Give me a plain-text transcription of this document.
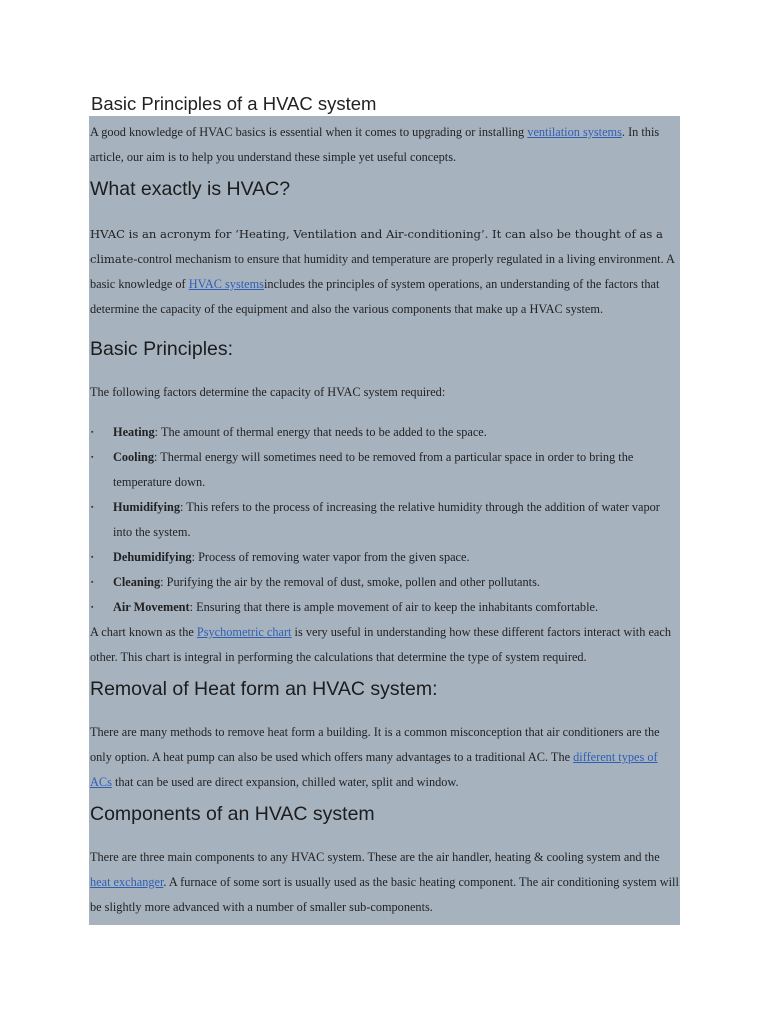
Basic Principles of a HVAC system

A good knowledge of HVAC basics is essential when it comes to upgrading or installing ventilation systems. In this article, our aim is to help you understand these simple yet useful concepts.

What exactly is HVAC?

HVAC is an acronym for ‘Heating, Ventilation and Air-conditioning’. It can also be thought of as a climate-control mechanism to ensure that humidity and temperature are properly regulated in a living environment. A basic knowledge of HVAC systemsincludes the principles of system operations, an understanding of the factors that determine the capacity of the equipment and also the various components that make up a HVAC system.

Basic Principles:

The following factors determine the capacity of HVAC system required:

▪ Heating: The amount of thermal energy that needs to be added to the space.
▪ Cooling: Thermal energy will sometimes need to be removed from a particular space in order to bring the temperature down.
▪ Humidifying: This refers to the process of increasing the relative humidity through the addition of water vapor into the system.
▪ Dehumidifying: Process of removing water vapor from the given space.
▪ Cleaning: Purifying the air by the removal of dust, smoke, pollen and other pollutants.
▪ Air Movement: Ensuring that there is ample movement of air to keep the inhabitants comfortable.

A chart known as the Psychometric chart is very useful in understanding how these different factors interact with each other. This chart is integral in performing the calculations that determine the type of system required.

Removal of Heat form an HVAC system:

There are many methods to remove heat form a building. It is a common misconception that air conditioners are the only option. A heat pump can also be used which offers many advantages to a traditional AC. The different types of ACs that can be used are direct expansion, chilled water, split and window.

Components of an HVAC system

There are three main components to any HVAC system. These are the air handler, heating & cooling system and the heat exchanger. A furnace of some sort is usually used as the basic heating component. The air conditioning system will be slightly more advanced with a number of smaller sub-components.
